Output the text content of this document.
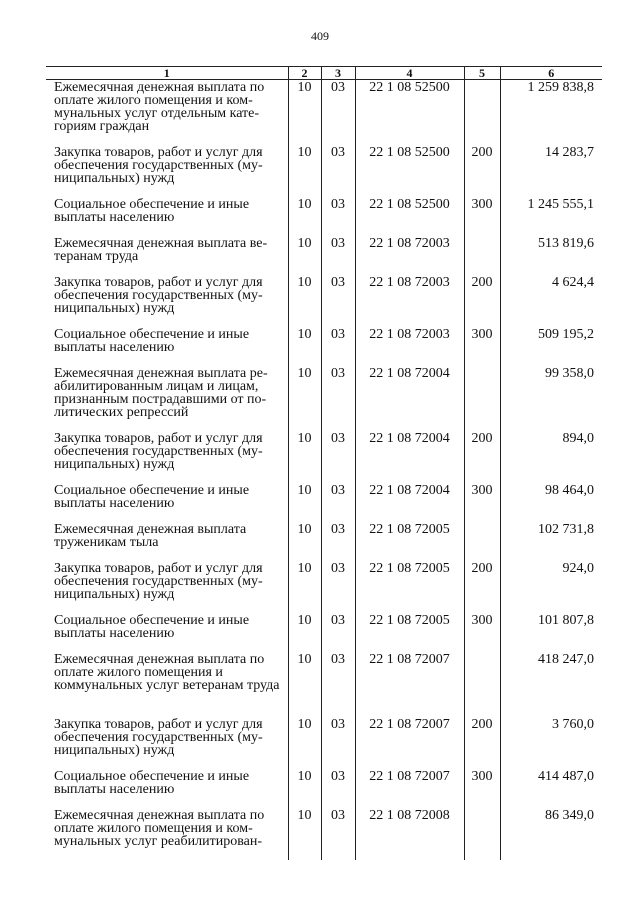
409
1	2	3	4	5	6
Ежемесячная денежная выплата по оплате жилого помещения и ком-мунальных услуг отдельным кате-гориям граждан	10	03	22 1 08 52500		1 259 838,8
Закупка товаров, работ и услуг для обеспечения государственных (му-ниципальных) нужд	10	03	22 1 08 52500	200	14 283,7
Социальное обеспечение и иные выплаты населению	10	03	22 1 08 52500	300	1 245 555,1
Ежемесячная денежная выплата ве-теранам труда	10	03	22 1 08 72003		513 819,6
Закупка товаров, работ и услуг для обеспечения государственных (му-ниципальных) нужд	10	03	22 1 08 72003	200	4 624,4
Социальное обеспечение и иные выплаты населению	10	03	22 1 08 72003	300	509 195,2
Ежемесячная денежная выплата ре-абилитированным лицам и лицам, признанным пострадавшими от по-литических репрессий	10	03	22 1 08 72004		99 358,0
Закупка товаров, работ и услуг для обеспечения государственных (му-ниципальных) нужд	10	03	22 1 08 72004	200	894,0
Социальное обеспечение и иные выплаты населению	10	03	22 1 08 72004	300	98 464,0
Ежемесячная денежная выплата труженикам тыла	10	03	22 1 08 72005		102 731,8
Закупка товаров, работ и услуг для обеспечения государственных (му-ниципальных) нужд	10	03	22 1 08 72005	200	924,0
Социальное обеспечение и иные выплаты населению	10	03	22 1 08 72005	300	101 807,8
Ежемесячная денежная выплата по оплате жилого помещения и коммунальных услуг ветеранам труда	10	03	22 1 08 72007		418 247,0
Закупка товаров, работ и услуг для обеспечения государственных (му-ниципальных) нужд	10	03	22 1 08 72007	200	3 760,0
Социальное обеспечение и иные выплаты населению	10	03	22 1 08 72007	300	414 487,0
Ежемесячная денежная выплата по оплате жилого помещения и ком-мунальных услуг реабилитирован-	10	03	22 1 08 72008		86 349,0
